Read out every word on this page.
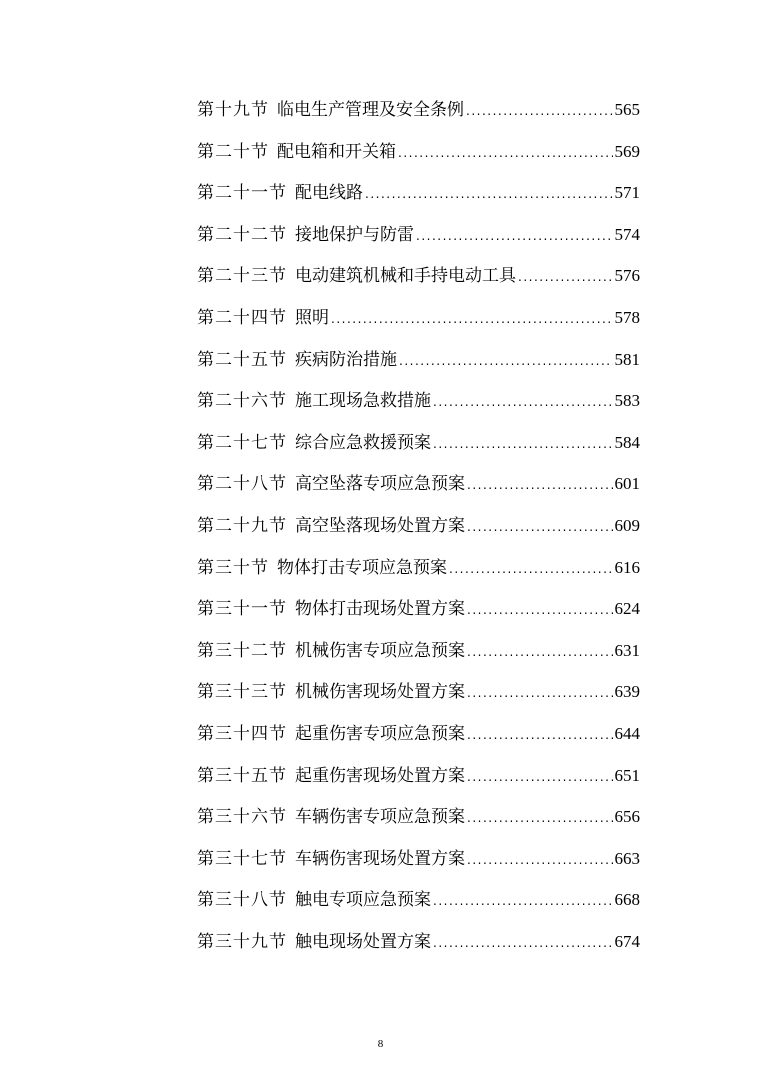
第十九节 临电生产管理及安全条例 .....	565
第二十节 配电箱和开关箱 .....	569
第二十一节 配电线路 .....	571
第二十二节 接地保护与防雷 .....	574
第二十三节 电动建筑机械和手持电动工具 .....	576
第二十四节 照明 .....	578
第二十五节 疾病防治措施 .....	581
第二十六节 施工现场急救措施 .....	583
第二十七节 综合应急救援预案 .....	584
第二十八节 高空坠落专项应急预案 .....	601
第二十九节 高空坠落现场处置方案 .....	609
第三十节 物体打击专项应急预案 .....	616
第三十一节 物体打击现场处置方案 .....	624
第三十二节 机械伤害专项应急预案 .....	631
第三十三节 机械伤害现场处置方案 .....	639
第三十四节 起重伤害专项应急预案 .....	644
第三十五节 起重伤害现场处置方案 .....	651
第三十六节 车辆伤害专项应急预案 .....	656
第三十七节 车辆伤害现场处置方案 .....	663
第三十八节 触电专项应急预案 .....	668
第三十九节 触电现场处置方案 .....	674
8
